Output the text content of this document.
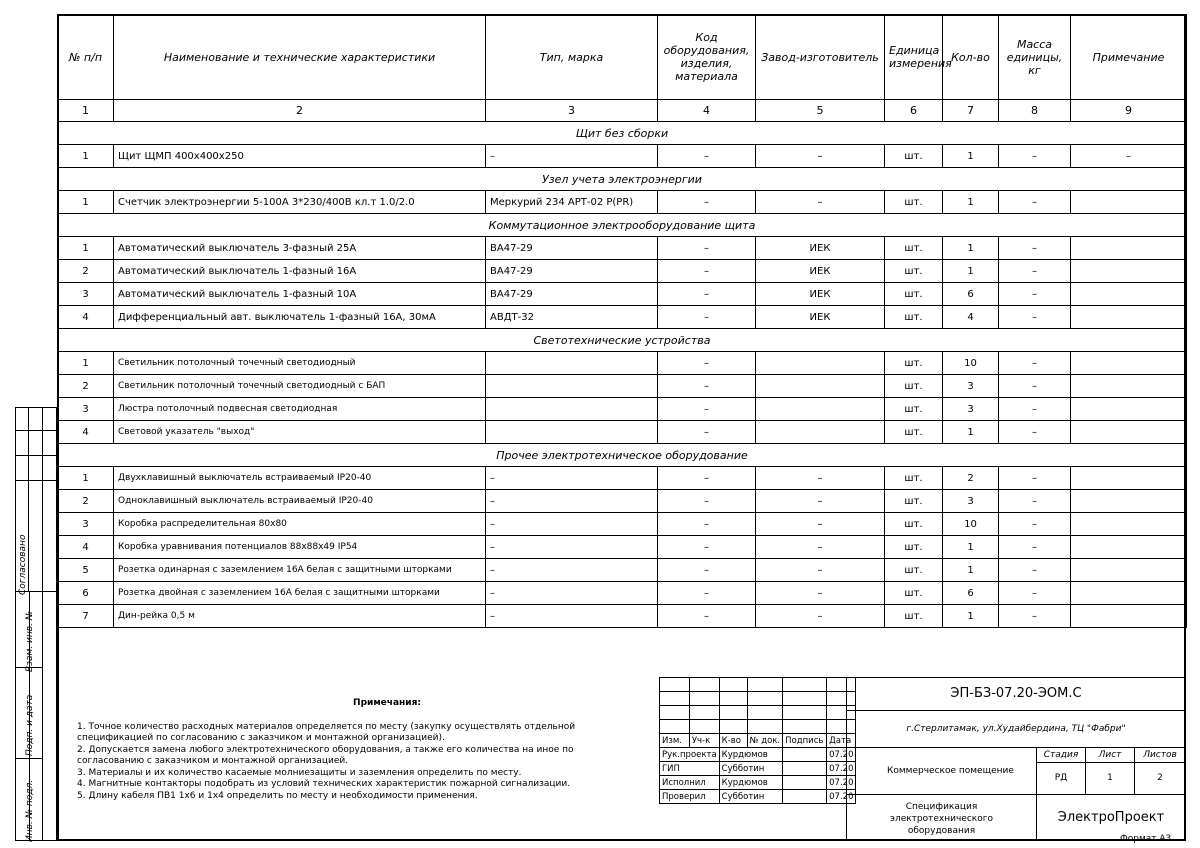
№ п/п	Наименование и технические характеристики	Тип, марка	Код оборудования, изделия, материала	Завод-изготовитель	Единица измерения	Кол-во	Масса единицы, кг	Примечание
1	2	3	4	5	6	7	8	9
Щит без сборки								
1	Щит ЩМП 400х400х250	–	–	–	шт.	1	–	–
Узел учета электроэнергии								
1	Счетчик электроэнергии 5-100А 3*230/400В кл.т 1.0/2.0	Меркурий 234 АРТ-02 Р(PR)	–	–	шт.	1	–	
Коммутационное электрооборудование щита								
1	Автоматический выключатель 3-фазный 25А	ВА47-29	–	ИЕК	шт.	1	–	
2	Автоматический выключатель 1-фазный 16А	ВА47-29	–	ИЕК	шт.	1	–	
3	Автоматический выключатель 1-фазный 10А	ВА47-29	–	ИЕК	шт.	6	–	
4	Дифференциальный авт. выключатель 1-фазный 16А, 30мА	АВДТ-32	–	ИЕК	шт.	4	–	
Светотехнические устройства								
1	Светильник потолочный точечный светодиодный		–		шт.	10	–	
2	Светильник потолочный точечный светодиодный с БАП		–		шт.	3	–	
3	Люстра потолочный подвесная светодиодная		–		шт.	3	–	
4	Световой указатель "выход"		–		шт.	1	–	
Прочее электротехническое оборудование								
1	Двухклавишный выключатель встраиваемый IP20-40	–	–	–	шт.	2	–	
2	Одноклавишный выключатель встраиваемый IP20-40	–	–	–	шт.	3	–	
3	Коробка распределительная 80х80	–	–	–	шт.	10	–	
4	Коробка уравнивания потенциалов 88х88х49 IP54	–	–	–	шт.	1	–	
5	Розетка одинарная с заземлением 16А белая с защитными шторками	–	–	–	шт.	1	–	
6	Розетка двойная с заземлением 16А белая с защитными шторками	–	–	–	шт.	6	–	
7	Дин-рейка 0,5 м	–	–	–	шт.	1	–	
Согласовано
Взам. инв. №
Подп. и дата
Инв. № подл.
Примечания:
1. Точное количество расходных материалов определяется по месту (закупку осуществлять отдельной спецификацией по согласованию с заказчиком и монтажной организацией).
2. Допускается замена любого электротехнического оборудования, а также его количества на иное по согласованию с заказчиком и монтажной организацией.
3. Материалы и их количество касаемые молниезащиты и заземления определить по месту.
4. Магнитные контакторы подобрать из условий технических характеристик пожарной сигнализации.
5. Длину кабеля ПВ1 1х6 и 1х4 определить по месту и необходимости применения.

Изм.	Уч-к	К-во	№ док.	Подпись	Дата
Рук.проекта		Курдюмов			07.20
ГИП		Субботин			07.20
Исполнил		Курдюмов			07.20
Проверил		Субботин			07.20
ЭП-БЗ-07.20-ЭОМ.С
г.Стерлитамак, ул.Худайбердина, ТЦ "Фабри"
Коммерческое помещение
Спецификация электротехнического оборудования
Стадия	Лист	Листов
РД	1	2
ЭлектроПроект
Формат А3
